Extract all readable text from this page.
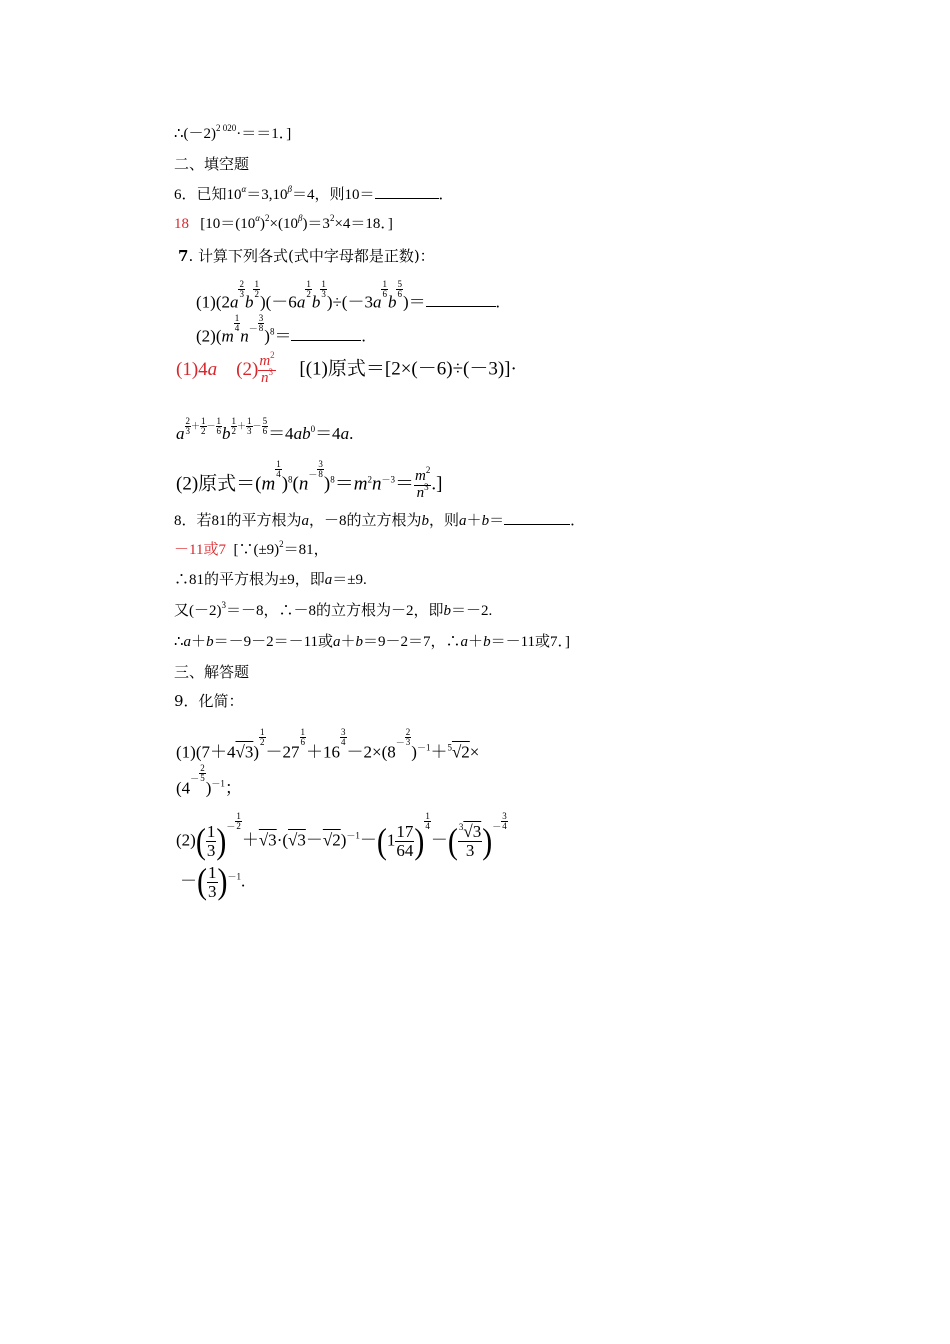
$\therefore(-2)^{2 020}\cdot==1$．]
二、填空题
6．已知$10^\alpha=3,10^\beta=4$，则10＝	．
18   [$10=(10^\alpha)^2\times(10^\beta)=3^2\times 4=18$．]
7. 计算下列各式(式中字母都是正数)：
(1)(2a
$\frac{2}{3}$
b
$\frac{1}{2}$
)(－6a
$\frac{1}{2}$
b
$\frac{1}{3}$
)÷(－3a
$\frac{1}{6}$
b
$\frac{5}{6}$
)＝	.
(2)(m
$\frac{1}{4}$
$n^- \frac{3}{8}$
)$^8$＝	.
(1)4a    $(2) \frac{m^2}{n^3} [(1)$原式＝[2×(－6)÷(－3)]·
a $^{\frac{2}{3} + \frac{1}{2} - \frac{1}{6}}$ b $^{\frac{1}{2} + \frac{1}{3} - \frac{5}{6}} =4ab^0=4a$.
(2)原式＝(m
$\frac{1}{4}$
)$^8(n^- \frac{3}{8}$
)$^8=m^2n^{-3}= \frac{m^2}{n^3}$ .]
8．若81的平方根为a，－8的立方根为b，则a＋b＝	．
－11或7  [$\because(\pm 9)^2=81$，
∴81的平方根为±9，即a＝±9.
又$(-2)^3=-8$，∴－8的立方根为－2，即b＝－2.
∴a＋b＝－9－2＝－11或a＋b＝9－2＝7，∴a＋b＝－11或7．]
三、解答题
9．化简：
(1)(7＋4√3)
$\frac{1}{2}$
－27
$\frac{1}{6}$
＋16
$\frac{3}{4}$
$-2\times(8^- \frac{2}{3}$
)$^{-1}$＋$^5$√2×
($4^- \frac{2}{5}$
)$^{-1}$；
$(2)( \frac{1}{3} )^- \frac{1}{2}$
$+√3\cdot(√3-√2)^{-1}-(1 \frac{17}{64}$ ) $\frac{1}{4}$
－( $\frac{^3√3}{3} )^- \frac{3}{4}$
－( $\frac{1}{3} )^{-1}$.
